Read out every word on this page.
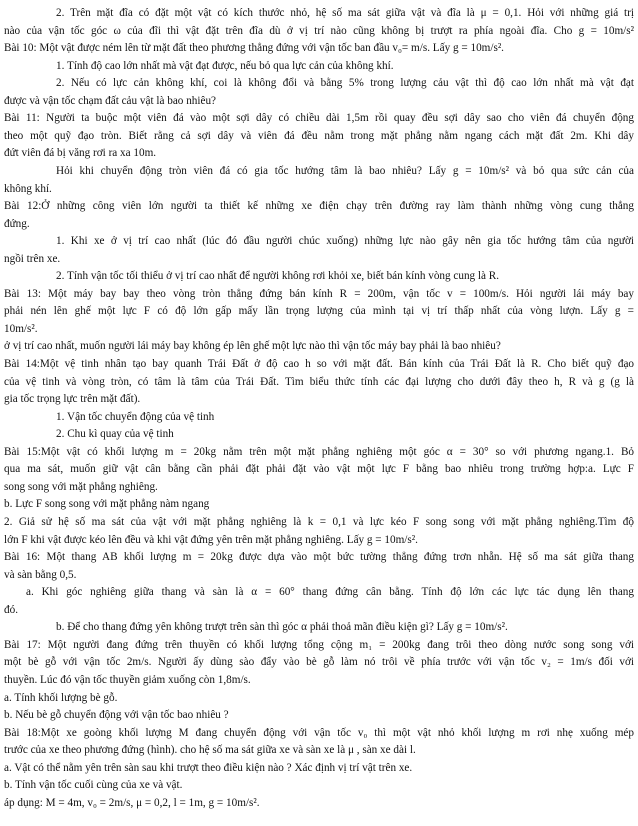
2. Trên mặt đĩa có đặt một vật có kích thước nhỏ, hệ số ma sát giữa vật và đĩa là μ = 0,1. Hỏi với những giá trị
nào của vận tốc góc ω của đĩi thì vật đặt trên đĩa dù ở vị trí nào cũng không bị trượt ra phía ngoài đĩa. Cho g = 10m/s²
Bài 10: Một vật được ném lên từ mặt đất theo phương thẳng đứng với vận tốc ban đầu v₀= m/s. Lấy g = 10m/s².
1. Tính độ cao lớn nhất mà vật đạt được, nếu bỏ qua lực cản của không khí.
2. Nếu có lực cản không khí, coi là không đổi và bằng 5% trong lượng cảu vật thì độ cao lớn nhất mà vật đạt
được và vận tốc chạm đất cảu vật là bao nhiêu?
Bài 11: Người ta buộc một viên đá vào một sợi dây có chiều dài 1,5m rồi quay đều sợi dây sao cho viên đá chuyển động
theo một quỹ đạo tròn. Biết rằng cả sợi dây và viên đá đều nằm trong mặt phẳng nằm ngang cách mặt đất 2m. Khi dây
đứt viên đá bị văng rơi ra xa 10m.
Hỏi khi chuyển động tròn viên đá có gia tốc hướng tâm là bao nhiêu? Lấy g = 10m/s² và bỏ qua sức cản của
không khí.
Bài 12:Ở những công viên lớn người ta thiết kế những xe điện chạy trên đường ray làm thành những vòng cung thẳng
đứng.
1. Khi xe ở vị trí cao nhất (lúc đó đầu người chúc xuống) những lực nào gây nên gia tốc hướng tâm của người
ngồi trên xe.
2. Tính vận tốc tối thiểu ở vị trí cao nhất để người không rơi khỏi xe, biết bán kính vòng cung là R.
Bài 13: Một máy bay bay theo vòng tròn thẳng đứng bán kính R = 200m, vận tốc v = 100m/s. Hỏi người lái máy bay
phải nén lên ghế một lực F có độ lớn gấp mấy lần trọng lượng của mình tại vị trí thấp nhất của vòng lượn. Lấy g =
10m/s².
ở vị trí cao nhất, muốn người lái máy bay không ép lên ghế một lực nào thì vận tốc máy bay phải là bao nhiêu?
Bài 14:Một vệ tinh nhân tạo bay quanh Trái Đất ở độ cao h so với mặt đất. Bán kính của Trái Đất là R. Cho biết quỹ đạo
của vệ tinh và vòng tròn, có tâm là tâm của Trái Đất. Tìm biểu thức tính các đại lượng cho dưới đây theo h, R và g (g là
gia tốc trọng lực trên mặt đất).
1. Vận tốc chuyển động của vệ tinh
2. Chu kì quay của vệ tinh
Bài 15:Một vật có khối lượng m = 20kg nằm trên một mặt phẳng nghiêng một góc α = 30° so với phương ngang.1. Bỏ
qua ma sát, muốn giữ vật cân bằng cần phải đặt phải đặt vào vật một lực F bằng bao nhiêu trong trường hợp:a. Lực F
song song với mặt phẳng nghiêng.
b. Lực F song song với mặt phẳng nàm ngang
2. Giả sử hệ số ma sát của vật với mặt phẳng nghiêng là k = 0,1 và lực kéo F song song với mặt phẳng nghiêng.Tìm độ
lớn F khi vật được kéo lên đều và khi vật đứng yên trên mặt phẳng nghiêng. Lấy g = 10m/s².
Bài 16: Một thang AB khối lượng m = 20kg được dựa vào một bức tường thẳng đứng trơn nhẵn. Hệ số ma sát giữa thang
và sàn bằng 0,5.
a. Khi góc nghiêng giữa thang và sàn là α = 60° thang đứng cân bằng. Tính độ lớn các lực tác dụng lên thang
đó.
b. Để cho thang đứng yên không trượt trên sàn thì góc α phải thoả mãn điều kiện gì? Lấy g = 10m/s².
Bài 17: Một người đang đứng trên thuyền có khối lượng tổng cộng m₁ = 200kg đang trôi theo dòng nước song song với
một bè gỗ với vận tốc 2m/s. Người ấy dùng sào đẩy vào bè gỗ làm nó trôi về phía trước với vận tốc v₂ = 1m/s đối với
thuyền. Lúc đó vận tốc thuyền giảm xuống còn 1,8m/s.
a. Tính khối lượng bè gỗ.
b. Nếu bè gỗ chuyển động với vận tốc bao nhiêu ?
Bài 18:Một xe goòng khối lượng M đang chuyển động với vận tốc v₀ thì một vật nhỏ khối lượng m rơi nhẹ xuống mép
trước của xe theo phương đứng (hình). cho hệ số ma sát giữa xe và sàn xe là μ , sàn xe dài l.
a. Vật có thể nằm yên trên sàn sau khi trượt theo điều kiện nào ? Xác định vị trí vật trên xe.
b. Tính vận tốc cuối cùng của xe và vật.
áp dụng: M = 4m, v₀ = 2m/s, μ = 0,2, l = 1m, g = 10m/s².
